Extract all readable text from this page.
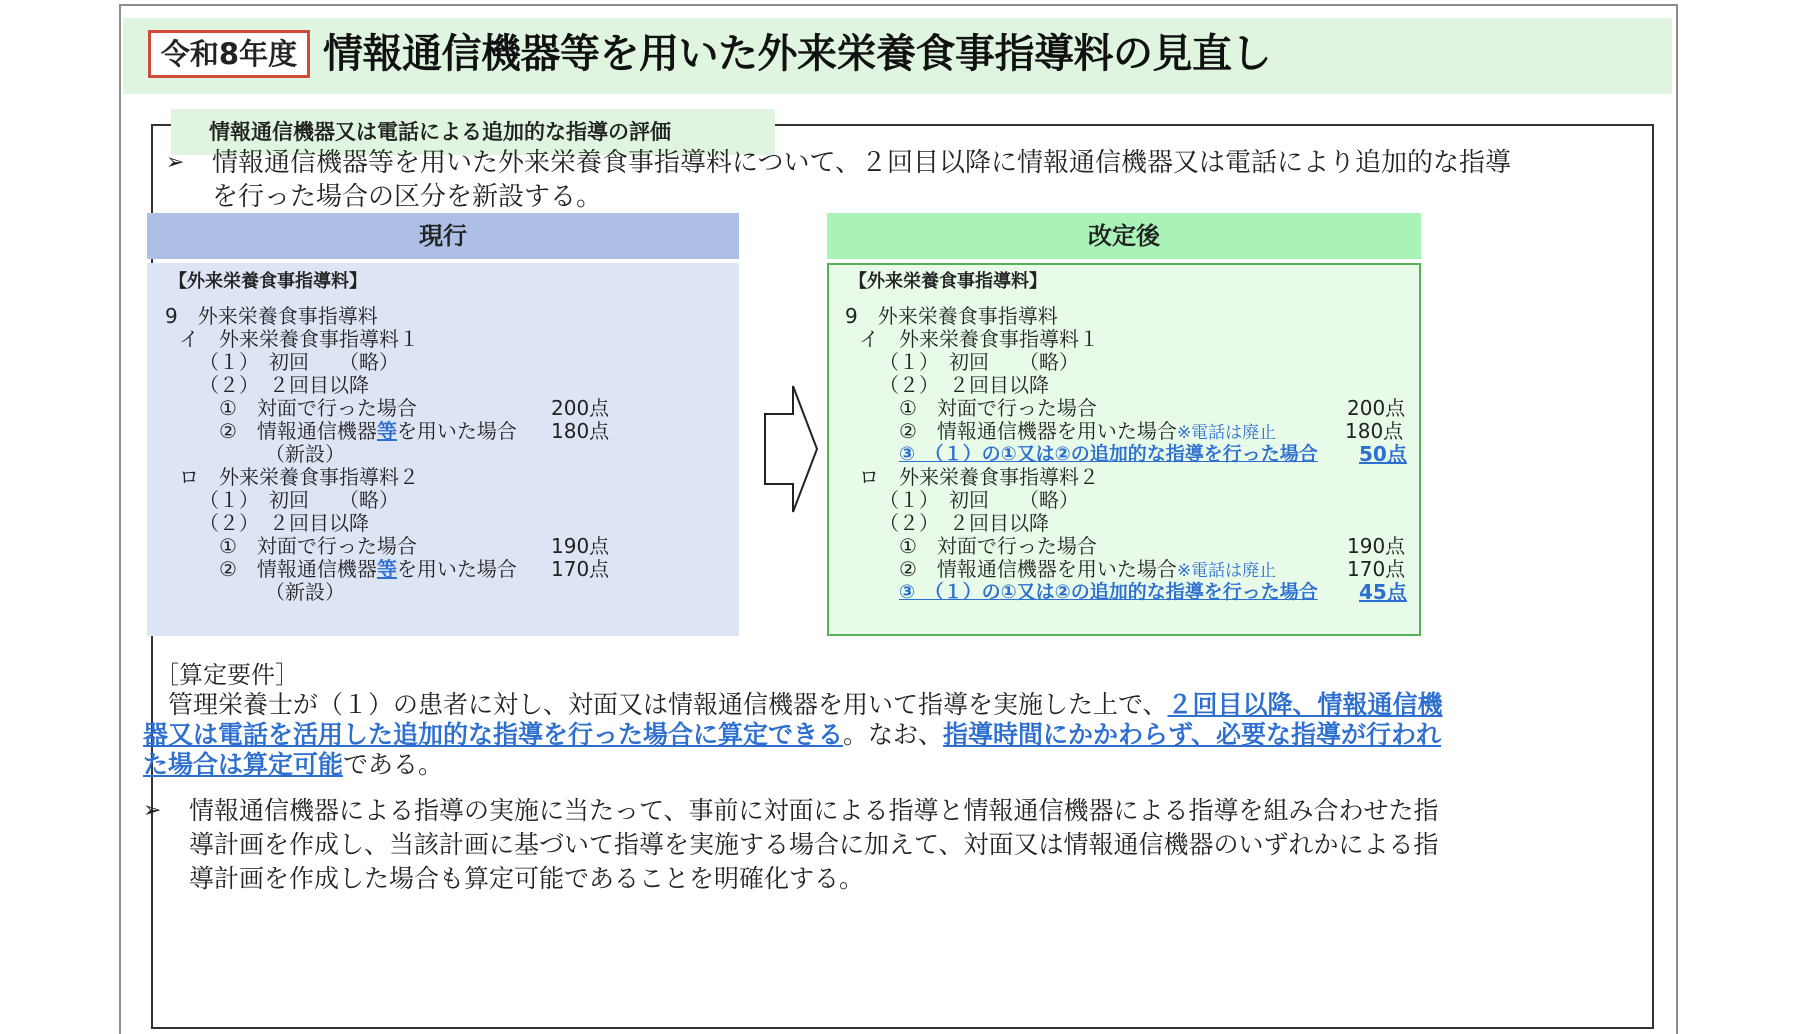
令和8年度 情報通信機器等を用いた外来栄養食事指導料の見直し
情報通信機器又は電話による追加的な指導の評価
➢ 情報通信機器等を用いた外来栄養食事指導料について、２回目以降に情報通信機器又は電話により追加的な指導
を行った場合の区分を新設する。
現行
【外来栄養食事指導料】
9　外来栄養食事指導料
イ　外来栄養食事指導料１
（１）　初回　　（略）
（２）　２回目以降
①　対面で行った場合	200点
②　情報通信機器等を用いた場合 180点
（新設）
ロ　外来栄養食事指導料２
（１）　初回　　（略）
（２）　２回目以降
①　対面で行った場合	190点
②　情報通信機器等を用いた場合 170点
（新設）
改定後
【外来栄養食事指導料】
9　外来栄養食事指導料
イ　外来栄養食事指導料１
（１）　初回　　（略）
（２）　２回目以降
①　対面で行った場合	200点
②　情報通信機器を用いた場合※電話は廃止	180点
③　（１）の①又は②の追加的な指導を行った場合 50点
ロ　外来栄養食事指導料２
（１）　初回　　（略）
（２）　２回目以降
①　対面で行った場合	190点
②　情報通信機器を用いた場合※電話は廃止	170点
③　（１）の①又は②の追加的な指導を行った場合 45点
［算定要件］
　管理栄養士が（１）の患者に対し、対面又は情報通信機器を用いて指導を実施した上で、２回目以降、情報通信機
器又は電話を活用した追加的な指導を行った場合に算定できる。なお、指導時間にかかわらず、必要な指導が行われ
た場合は算定可能である。
➢ 情報通信機器による指導の実施に当たって、事前に対面による指導と情報通信機器による指導を組み合わせた指
導計画を作成し、当該計画に基づいて指導を実施する場合に加えて、対面又は情報通信機器のいずれかによる指
導計画を作成した場合も算定可能であることを明確化する。
